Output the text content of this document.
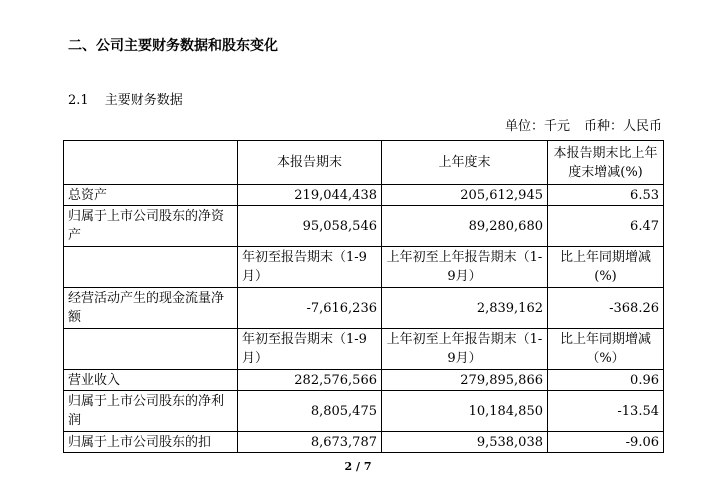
二、公司主要财务数据和股东变化
2.1 主要财务数据
单位：千元 币种：人民币
	本报告期末	上年度末	本报告期末比上年度末增减(%)
总资产	219,044,438	205,612,945	6.53
归属于上市公司股东的净资产	95,058,546	89,280,680	6.47
	年初至报告期末（1-9月）	上年初至上年报告期末（1-9月）	比上年同期增减(%)
经营活动产生的现金流量净额	-7,616,236	2,839,162	-368.26
	年初至报告期末（1-9月）	上年初至上年报告期末（1-9月）	比上年同期增减（%）
营业收入	282,576,566	279,895,866	0.96
归属于上市公司股东的净利润	8,805,475	10,184,850	-13.54
归属于上市公司股东的扣	8,673,787	9,538,038	-9.06
2 / 7
